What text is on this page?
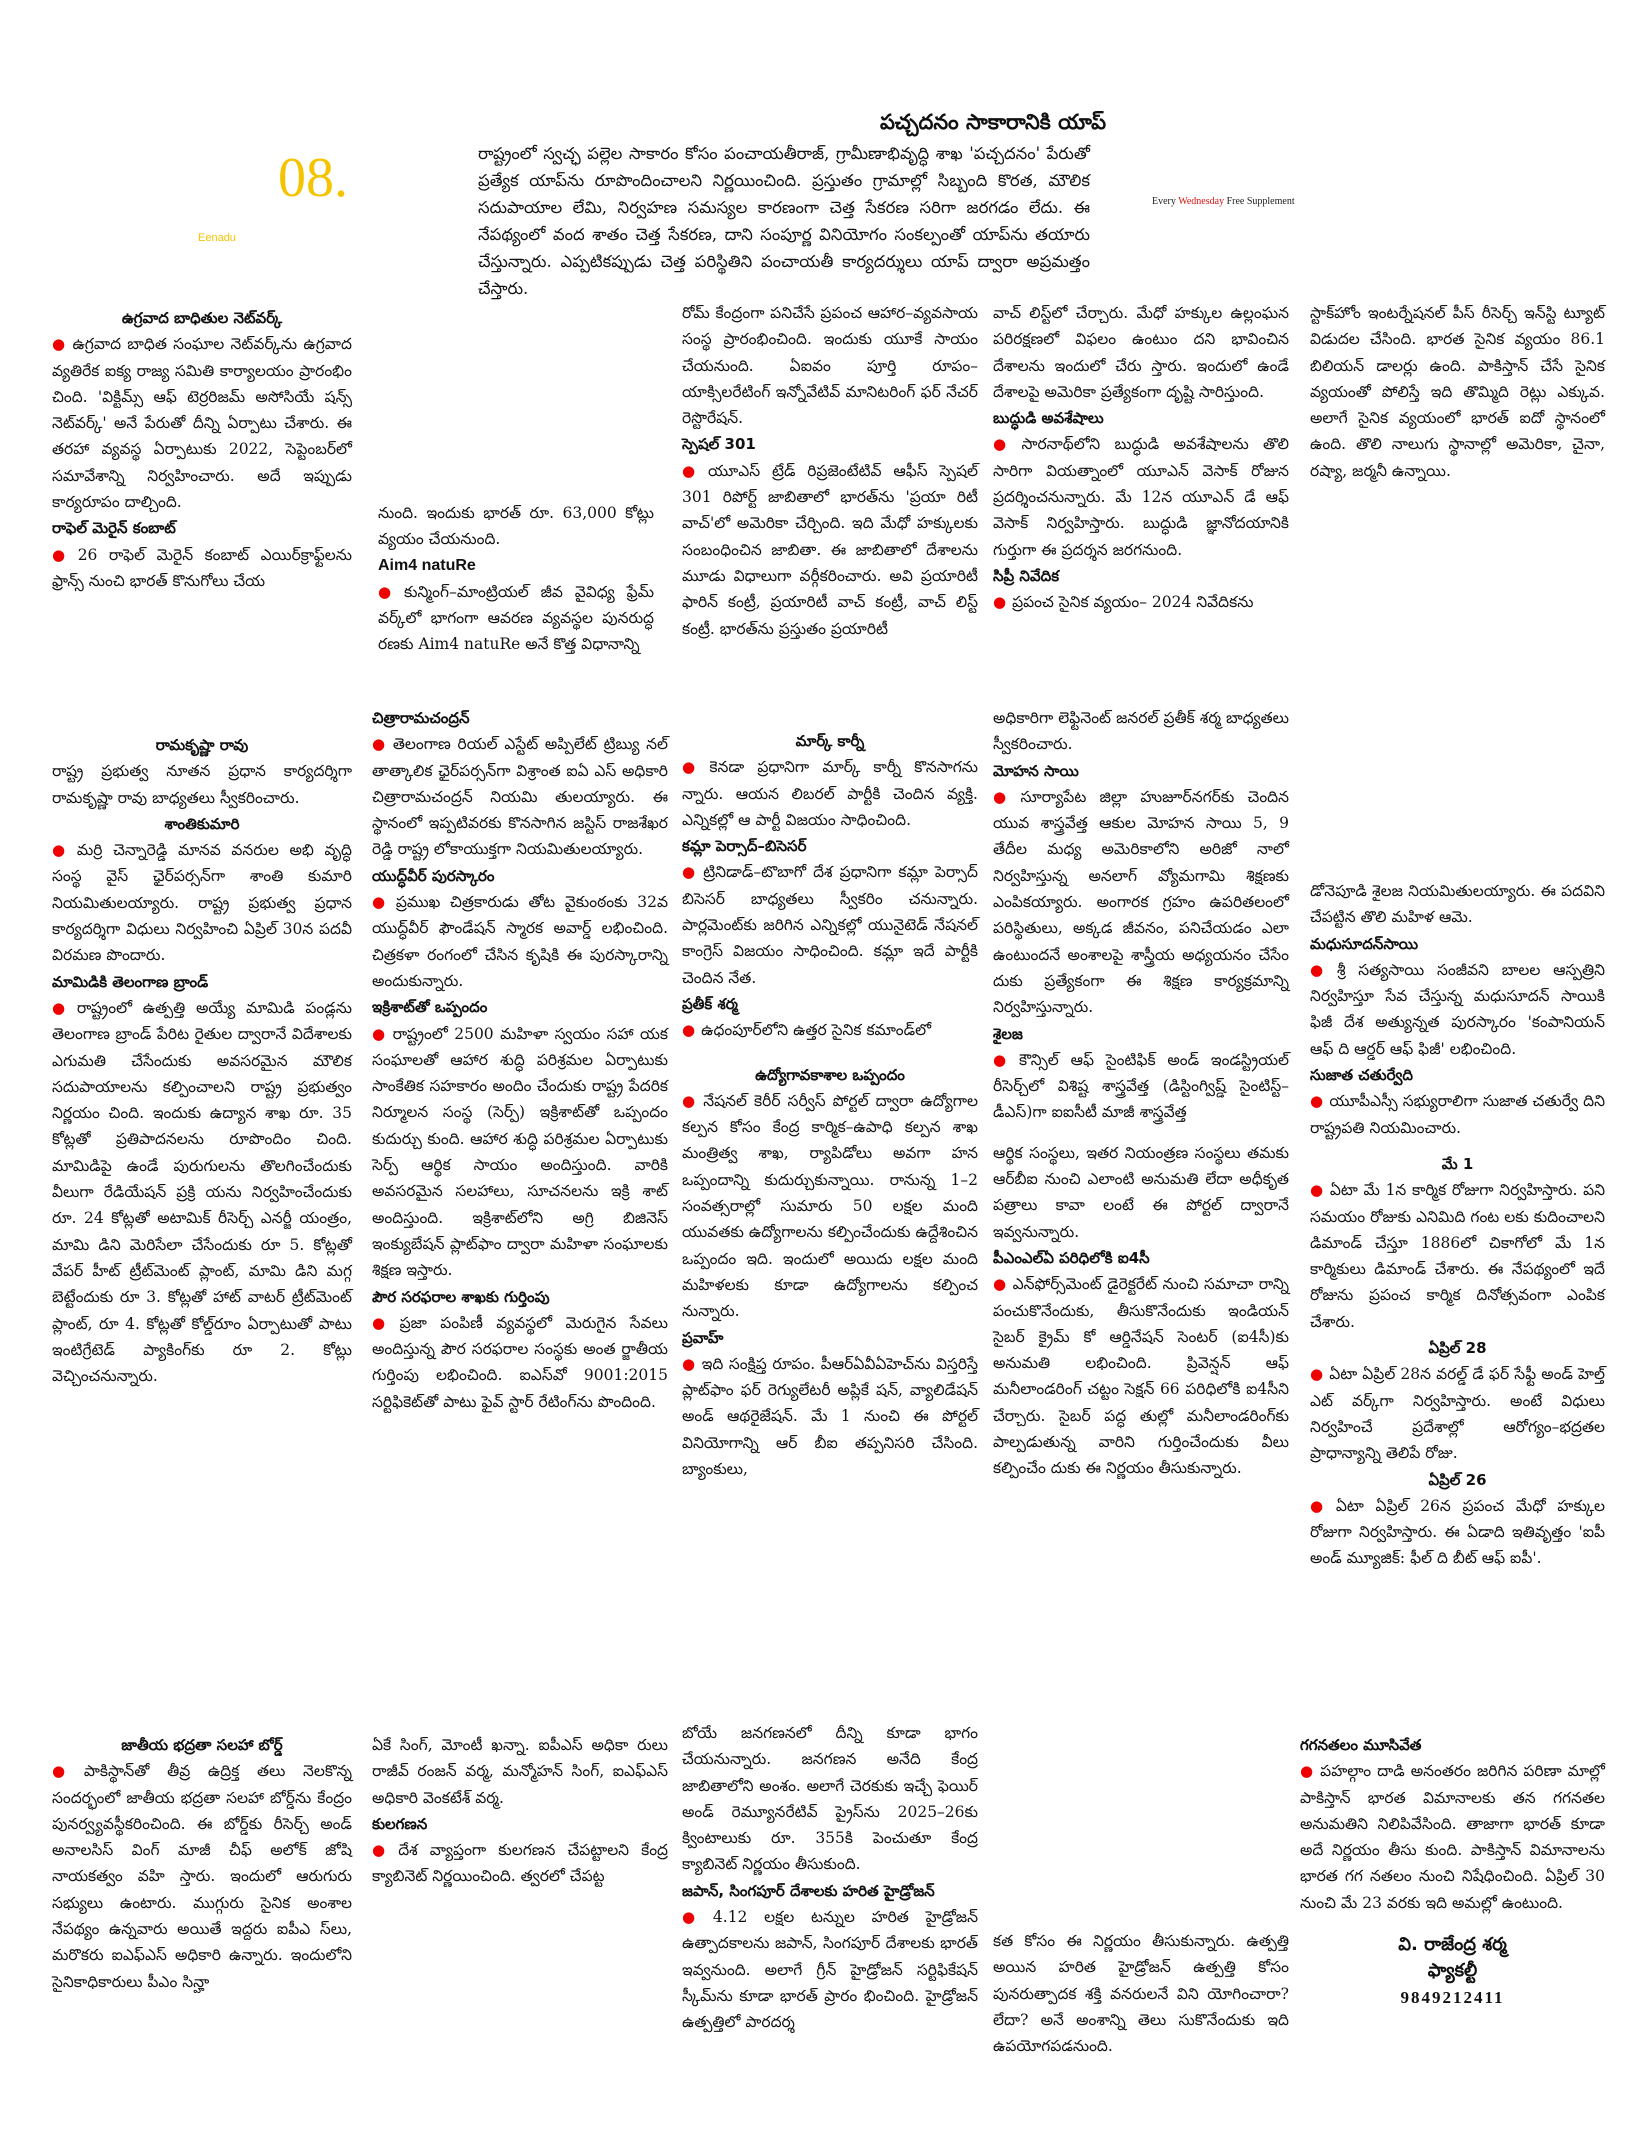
08.
Eenadu
Every Wednesday Free Supplement
పచ్చదనం సాకారానికి యాప్
రాష్ట్రంలో స్వచ్ఛ పల్లెల సాకారం కోసం పంచాయతీరాజ్, గ్రామీణాభివృద్ధి శాఖ 'పచ్చదనం' పేరుతో ప్రత్యేక యాప్‌ను రూపొందించాలని నిర్ణయించింది. ప్రస్తుతం గ్రామాల్లో సిబ్బంది కొరత, మౌలిక సదుపాయాల లేమి, నిర్వహణ సమస్యల కారణంగా చెత్త సేకరణ సరిగా జరగడం లేదు. ఈ నేపథ్యంలో వంద శాతం చెత్త సేకరణ, దాని సంపూర్ణ వినియోగం సంకల్పంతో యాప్‌ను తయారు చేస్తున్నారు. ఎప్పటికప్పుడు చెత్త పరిస్థితిని పంచాయతీ కార్యదర్శులు యాప్ ద్వారా అప్రమత్తం చేస్తారు.

ఉగ్రవాద బాధితుల నెట్‌వర్క్

● ఉగ్రవాద బాధిత సంఘాల నెట్‌వర్క్‌ను ఉగ్రవాద వ్యతిరేక ఐక్య రాజ్య సమితి కార్యాలయం ప్రారంభిం చింది. 'విక్టిమ్స్ ఆఫ్ టెర్రరిజమ్ అసోసియే షన్స్ నెట్‌వర్క్' అనే పేరుతో దీన్ని ఏర్పాటు చేశారు. ఈ తరహా వ్యవస్థ ఏర్పాటుకు 2022, సెప్టెంబర్‌లో సమావేశాన్ని నిర్వహించారు. అదే ఇప్పుడు కార్యరూపం దాల్చింది.

రాఫెల్ మెరైన్ కంబాట్

● 26 రాఫెల్ మెరైన్ కంబాట్ ఎయిర్‌క్రాఫ్ట్‌లను ఫ్రాన్స్ నుంచి భారత్ కొనుగోలు చేయ

నుంది. ఇందుకు భారత్ రూ. 63,000 కోట్లు వ్యయం చేయనుంది.

Aim4 natuRe

● కున్మింగ్–మాంట్రియల్ జీవ వైవిధ్య ఫ్రేమ్ వర్క్‌లో భాగంగా ఆవరణ వ్యవస్థల పునరుద్ధ రణకు Aim4 natuRe అనే కొత్త విధానాన్ని

రోమ్ కేంద్రంగా పనిచేసే ప్రపంచ ఆహార–వ్యవసాయ సంస్థ ప్రారంభించింది. ఇందుకు యూకే సాయం చేయనుంది. ఏఐవం పూర్తి రూపం– యాక్సిలరేటింగ్ ఇన్నోవేటివ్ మానిటరింగ్ ఫర్ నేచర్ రెస్టొరేషన్.

స్పెషల్ 301

● యూఎస్ ట్రేడ్ రిప్రజెంటేటివ్ ఆఫీస్ స్పెషల్ 301 రిపోర్ట్ జాబితాలో భారత్‌ను 'ప్రయా రిటీ వాచ్'లో అమెరికా చేర్చింది. ఇది మేధో హక్కులకు సంబంధించిన జాబితా. ఈ జాబితాలో దేశాలను మూడు విధాలుగా వర్గీకరించారు. అవి ప్రయారిటీ ఫారిన్ కంట్రీ, ప్రయారిటీ వాచ్ కంట్రీ, వాచ్ లిస్ట్ కంట్రీ. భారత్‌ను ప్రస్తుతం ప్రయారిటీ

వాచ్ లిస్ట్‌లో చేర్చారు. మేధో హక్కుల ఉల్లంఘన పరిరక్షణలో విఫలం ఉంటుం దని భావించిన దేశాలను ఇందులో చేరు స్తారు. ఇందులో ఉండే దేశాలపై అమెరికా ప్రత్యేకంగా దృష్టి సారిస్తుంది.

బుద్ధుడి అవశేషాలు

● సారనాథ్‌లోని బుద్ధుడి అవశేషాలను తొలి సారిగా వియత్నాంలో యూఎన్ వెసాక్ రోజున ప్రదర్శించనున్నారు. మే 12న యూఎన్ డే ఆఫ్ వెసాక్ నిర్వహిస్తారు. బుద్ధుడి జ్ఞానోదయానికి గుర్తుగా ఈ ప్రదర్శన జరగనుంది.

సిప్రీ నివేదిక

● ప్రపంచ సైనిక వ్యయం– 2024 నివేదికను

స్టాక్‌హోం ఇంటర్నేషనల్ పీస్ రీసెర్చ్ ఇన్‌స్టి ట్యూట్ విడుదల చేసింది. భారత సైనిక వ్యయం 86.1 బిలియన్ డాలర్లు ఉంది. పాకిస్తాన్ చేసే సైనిక వ్యయంతో పోలిస్తే ఇది తొమ్మిది రెట్లు ఎక్కువ. అలాగే సైనిక వ్యయంలో భారత్ ఐదో స్థానంలో ఉంది. తొలి నాలుగు స్థానాల్లో అమెరికా, చైనా, రష్యా, జర్మనీ ఉన్నాయి.

రామకృష్ణా రావు

రాష్ట్ర ప్రభుత్వ నూతన ప్రధాన కార్యదర్శిగా రామకృష్ణా రావు బాధ్యతలు స్వీకరించారు.

శాంతికుమారి

● మర్రి చెన్నారెడ్డి మానవ వనరుల అభి వృద్ధి సంస్థ వైస్ ఛైర్‌పర్సన్‌గా శాంతి కుమారి నియమితులయ్యారు. రాష్ట్ర ప్రభుత్వ ప్రధాన కార్యదర్శిగా విధులు నిర్వహించి ఏప్రిల్ 30న పదవీ విరమణ పొందారు.

మామిడికి తెలంగాణ బ్రాండ్

● రాష్ట్రంలో ఉత్పత్తి అయ్యే మామిడి పండ్లను తెలంగాణ బ్రాండ్ పేరిట రైతుల ద్వారానే విదేశాలకు ఎగుమతి చేసేందుకు అవసరమైన మౌలిక సదుపాయాలను కల్పించాలని రాష్ట్ర ప్రభుత్వం నిర్ణయం చింది. ఇందుకు ఉద్యాన శాఖ రూ. 35 కోట్లతో ప్రతిపాదనలను రూపొందిం చింది. మామిడిపై ఉండే పురుగులను తొలగించేందుకు వీలుగా రేడియేషన్ ప్రక్రి యను నిర్వహించేందుకు రూ. 24 కోట్లతో అటామిక్ రీసెర్చ్ ఎనర్జీ యంత్రం, మామి డిని మెరిసేలా చేసేందుకు రూ 5. కోట్లతో వేపర్ హీట్ ట్రీట్‌మెంట్ ప్లాంట్, మామి డిని మగ్గ బెట్టేందుకు రూ 3. కోట్లతో హాట్ వాటర్ ట్రీట్‌మెంట్ ప్లాంట్, రూ 4. కోట్లతో కోల్డ్‌రూం ఏర్పాటుతో పాటు ఇంటిగ్రేటెడ్ ప్యాకింగ్‌కు రూ 2. కోట్లు వెచ్చించనున్నారు.

చిత్రారామచంద్రన్

● తెలంగాణ రియల్ ఎస్టేట్ అప్పిలేట్ ట్రిబ్యు నల్ తాత్కాలిక ఛైర్‌పర్సన్‌గా విశ్రాంత ఐఏ ఎస్ అధికారి చిత్రారామచంద్రన్ నియమి తులయ్యారు. ఈ స్థానంలో ఇప్పటివరకు కొనసాగిన జస్టిస్ రాజశేఖర రెడ్డి రాష్ట్ర లోకాయుక్తగా నియమితులయ్యారు.

యుద్ధ్‌వీర్ పురస్కారం

● ప్రముఖ చిత్రకారుడు తోట వైకుంఠంకు 32వ యుద్ధ్‌వీర్ ఫౌండేషన్ స్మారక అవార్డ్ లభించింది. చిత్రకళా రంగంలో చేసిన కృషికి ఈ పురస్కారాన్ని అందుకున్నారు.

ఇక్రిశాట్‌తో ఒప్పందం

● రాష్ట్రంలో 2500 మహిళా స్వయం సహా యక సంఘాలతో ఆహార శుద్ధి పరిశ్రమల ఏర్పాటుకు సాంకేతిక సహకారం అందిం చేందుకు రాష్ట్ర పేదరిక నిర్మూలన సంస్థ (సెర్ప్) ఇక్రిశాట్‌తో ఒప్పందం కుదుర్చు కుంది. ఆహార శుద్ధి పరిశ్రమల ఏర్పాటుకు సెర్ప్ ఆర్థిక సాయం అందిస్తుంది. వారికి అవసరమైన సలహాలు, సూచనలను ఇక్రి శాట్ అందిస్తుంది. ఇక్రిశాట్‌లోని అగ్రి బిజినెస్ ఇంక్యుబేషన్ ప్లాట్‌ఫాం ద్వారా మహిళా సంఘాలకు శిక్షణ ఇస్తారు.

పౌర సరఫరాల శాఖకు గుర్తింపు

● ప్రజా పంపిణీ వ్యవస్థలో మెరుగైన సేవలు అందిస్తున్న పౌర సరఫరాల సంస్థకు అంత ర్జాతీయ గుర్తింపు లభించింది. ఐఎస్‌వో 9001:2015 సర్టిఫికెట్‌తో పాటు ఫైవ్ స్టార్ రేటింగ్‌ను పొందింది.

మార్క్ కార్నీ

● కెనడా ప్రధానిగా మార్క్ కార్నీ కొనసాగను న్నారు. ఆయన లిబరల్ పార్టీకి చెందిన వ్యక్తి. ఎన్నికల్లో ఆ పార్టీ విజయం సాధించింది.

కమ్లా పెర్సాద్–బిసెసర్

● ట్రినిడాడ్–టొబాగో దేశ ప్రధానిగా కమ్లా పెర్సాద్ బిసెసర్ బాధ్యతలు స్వీకరిం చనున్నారు. పార్లమెంట్‌కు జరిగిన ఎన్నికల్లో యునైటెడ్ నేషనల్ కాంగ్రెస్ విజయం సాధించింది. కమ్లా ఇదే పార్టీకి చెందిన నేత.

ప్రతీక్ శర్మ

● ఉధంపూర్‌లోని ఉత్తర సైనిక కమాండ్‌లో

ఉద్యోగావకాశాల ఒప్పందం

● నేషనల్ కెరీర్ సర్వీస్ పోర్టల్ ద్వారా ఉద్యోగాల కల్పన కోసం కేంద్ర కార్మిక–ఉపాధి కల్పన శాఖ మంత్రిత్వ శాఖ, ర్యాపిడోలు అవగా హన ఒప్పందాన్ని కుదుర్చుకున్నాయి. రానున్న 1–2 సంవత్సరాల్లో సుమారు 50 లక్షల మంది యువతకు ఉద్యోగాలను కల్పించేందుకు ఉద్దేశించిన ఒప్పందం ఇది. ఇందులో అయిదు లక్షల మంది మహిళలకు కూడా ఉద్యోగాలను కల్పించ నున్నారు.

ప్రవాహ్

● ఇది సంక్షిప్త రూపం. పీఆర్ఏవీఏహెచ్‌ను విస్తరిస్తే ప్లాట్‌ఫాం ఫర్ రెగ్యులేటరీ అప్లికే షన్, వ్యాలిడేషన్ అండ్ ఆథరైజేషన్. మే 1 నుంచి ఈ పోర్టల్ వినియోగాన్ని ఆర్ బీఐ తప్పనిసరి చేసింది. బ్యాంకులు,

అధికారిగా లెఫ్టినెంట్ జనరల్ ప్రతీక్ శర్మ బాధ్యతలు స్వీకరించారు.

మోహన సాయి

● సూర్యాపేట జిల్లా హుజూర్‌నగర్‌కు చెందిన యువ శాస్త్రవేత్త ఆకుల మోహన సాయి 5, 9 తేదీల మధ్య అమెరికాలోని అరిజో నాలో నిర్వహిస్తున్న అనలాగ్ వ్యోమగామి శిక్షణకు ఎంపికయ్యారు. అంగారక గ్రహం ఉపరితలంలో పరిస్థితులు, అక్కడ జీవనం, పనిచేయడం ఎలా ఉంటుందనే అంశాలపై శాస్త్రీయ అధ్యయనం చేసేం దుకు ప్రత్యేకంగా ఈ శిక్షణ కార్యక్రమాన్ని నిర్వహిస్తున్నారు.

శైలజ

● కౌన్సిల్ ఆఫ్ సైంటిఫిక్ అండ్ ఇండస్ట్రియల్ రీసెర్చ్‌లో విశిష్ట శాస్త్రవేత్త (డిస్టింగ్విష్డ్ సైంటిస్ట్–డీఎస్)గా ఐఐసీటీ మాజీ శాస్త్రవేత్త

ఆర్థిక సంస్థలు, ఇతర నియంత్రణ సంస్థలు తమకు ఆర్‌బీఐ నుంచి ఎలాంటి అనుమతి లేదా అధీకృత పత్రాలు కావా లంటే ఈ పోర్టల్ ద్వారానే ఇవ్వనున్నారు.

పీఎంఎల్ఏ పరిధిలోకి ఐ4సీ

● ఎన్‌ఫోర్స్‌మెంట్ డైరెక్టరేట్ నుంచి సమాచా రాన్ని పంచుకొనేందుకు, తీసుకొనేందుకు ఇండియన్ సైబర్ క్రైమ్ కో ఆర్డినేషన్ సెంటర్ (ఐ4సీ)కు అనుమతి లభించింది. ప్రివెన్షన్ ఆఫ్ మనీలాండరింగ్ చట్టం సెక్షన్ 66 పరిధిలోకి ఐ4సీని చేర్చారు. సైబర్ పద్ధ తుల్లో మనీలాండరింగ్‌కు పాల్పడుతున్న వారిని గుర్తించేందుకు వీలు కల్పించేం దుకు ఈ నిర్ణయం తీసుకున్నారు.

డోనెపూడి శైలజ నియమితులయ్యారు. ఈ పదవిని చేపట్టిన తొలి మహిళ ఆమె.

మధుసూదన్‌సాయి

● శ్రీ సత్యసాయి సంజీవని బాలల ఆస్పత్రిని నిర్వహిస్తూ సేవ చేస్తున్న మధుసూదన్ సాయికి ఫిజీ దేశ అత్యున్నత పురస్కారం 'కంపానియన్ ఆఫ్ ది ఆర్డర్ ఆఫ్ ఫిజీ' లభించింది.

సుజాత చతుర్వేది

● యూపీఎస్సీ సభ్యురాలిగా సుజాత చతుర్వే దిని రాష్ట్రపతి నియమించారు.

మే 1

● ఏటా మే 1న కార్మిక రోజుగా నిర్వహిస్తారు. పని సమయం రోజుకు ఎనిమిది గంట లకు కుదించాలని డిమాండ్ చేస్తూ 1886లో చికాగోలో మే 1న కార్మికులు డిమాండ్ చేశారు. ఈ నేపథ్యంలో ఇదే రోజును ప్రపంచ కార్మిక దినోత్సవంగా ఎంపిక చేశారు.

ఏప్రిల్ 28

● ఏటా ఏప్రిల్ 28న వరల్డ్ డే ఫర్ సేఫ్టీ అండ్ హెల్త్ ఎట్ వర్క్‌గా నిర్వహిస్తారు. అంటే విధులు నిర్వహించే ప్రదేశాల్లో ఆరోగ్యం–భద్రతల ప్రాధాన్యాన్ని తెలిపే రోజు.

ఏప్రిల్ 26

● ఏటా ఏప్రిల్ 26న ప్రపంచ మేధో హక్కుల రోజుగా నిర్వహిస్తారు. ఈ ఏడాది ఇతివృత్తం 'ఐపీ అండ్ మ్యూజిక్: ఫీల్ ది బీట్ ఆఫ్ ఐపీ'.

జాతీయ భద్రతా సలహా బోర్డ్

● పాకిస్థాన్‌తో తీవ్ర ఉద్రిక్త తలు నెలకొన్న సందర్భంలో జాతీయ భద్రతా సలహా బోర్డ్‌ను కేంద్రం పునర్వ్యవస్థీకరించింది. ఈ బోర్డ్‌కు రీసెర్చ్ అండ్ అనాలసిస్ వింగ్ మాజీ చీఫ్ అలోక్ జోషి నాయకత్వం వహి స్తారు. ఇందులో ఆరుగురు సభ్యులు ఉంటారు. ముగ్గురు సైనిక అంశాల నేపథ్యం ఉన్నవారు అయితే ఇద్దరు ఐపీఎ స్‌లు, మరొకరు ఐఎఫ్ఎస్ అధికారి ఉన్నారు. ఇందులోని సైనికాధికారులు పీఎం సిన్హా

ఏకే సింగ్, మోంటీ ఖన్నా. ఐపీఎస్ అధికా రులు రాజీవ్ రంజన్ వర్మ, మన్మోహన్ సింగ్, ఐఎఫ్ఎస్ అధికారి వెంకటేశ్ వర్మ.

కులగణన

● దేశ వ్యాప్తంగా కులగణన చేపట్టాలని కేంద్ర క్యాబినెట్ నిర్ణయించింది. త్వరలో చేపట్ట

బోయే జనగణనలో దీన్ని కూడా భాగం చేయనున్నారు. జనగణన అనేది కేంద్ర జాబితాలోని అంశం. అలాగే చెరకుకు ఇచ్చే ఫెయిర్ అండ్ రెమ్యూనరేటివ్ ప్రైస్‌ను 2025–26కు క్వింటాలుకు రూ. 355కి పెంచుతూ కేంద్ర క్యాబినెట్ నిర్ణయం తీసుకుంది.

జపాన్, సింగపూర్ దేశాలకు హరిత హైడ్రోజన్

● 4.12 లక్షల టన్నుల హరిత హైడ్రోజన్ ఉత్పాదకాలను జపాన్, సింగపూర్ దేశాలకు భారత్ ఇవ్వనుంది. అలాగే గ్రీన్ హైడ్రోజన్ సర్టిఫికేషన్ స్కీమ్‌ను కూడా భారత్ ప్రారం భించింది. హైడ్రోజన్ ఉత్పత్తిలో పారదర్శ

కత కోసం ఈ నిర్ణయం తీసుకున్నారు. ఉత్పత్తి అయిన హరిత హైడ్రోజన్ ఉత్పత్తి కోసం పునరుత్పాదక శక్తి వనరులనే విని యోగించారా? లేదా? అనే అంశాన్ని తెలు సుకొనేందుకు ఇది ఉపయోగపడనుంది.

గగనతలం మూసివేత

● పహల్గాం దాడి అనంతరం జరిగిన పరిణా మాల్లో పాకిస్తాన్ భారత విమానాలకు తన గగనతల అనుమతిని నిలిపివేసింది. తాజాగా భారత్ కూడా అదే నిర్ణయం తీసు కుంది. పాకిస్తాన్ విమానాలను భారత గగ నతలం నుంచి నిషేధించింది. ఏప్రిల్ 30 నుంచి మే 23 వరకు ఇది అమల్లో ఉంటుంది.

వి. రాజేంద్ర శర్మ

ఫ్యాకల్టీ

9849212411
